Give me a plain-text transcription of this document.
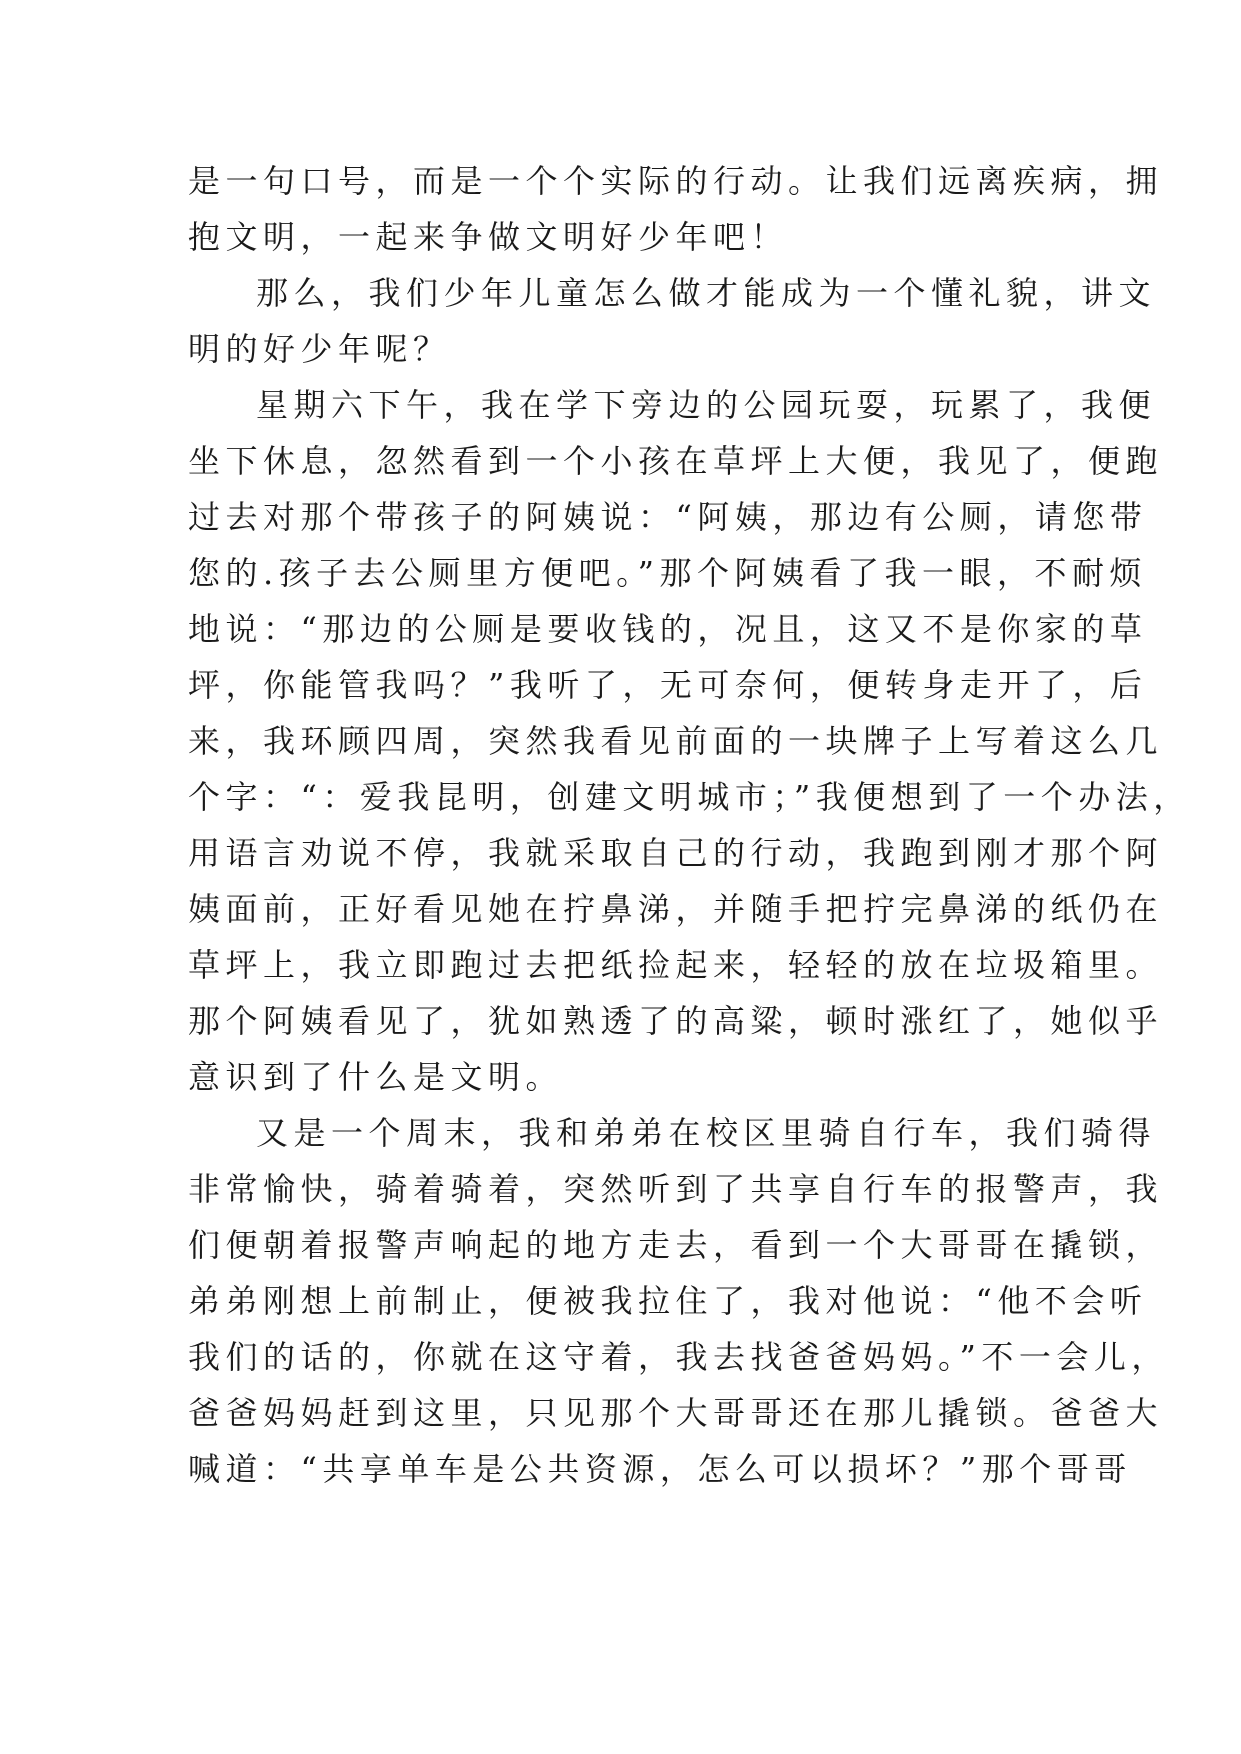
是一句口号，而是一个个实际的行动。让我们远离疾病，拥
抱文明，一起来争做文明好少年吧！
那么，我们少年儿童怎么做才能成为一个懂礼貌，讲文
明的好少年呢？
星期六下午，我在学下旁边的公园玩耍，玩累了，我便
坐下休息，忽然看到一个小孩在草坪上大便，我见了，便跑
过去对那个带孩子的阿姨说：“阿姨，那边有公厕，请您带
您的.孩子去公厕里方便吧。”那个阿姨看了我一眼，不耐烦
地说：“那边的公厕是要收钱的，况且，这又不是你家的草
坪，你能管我吗？”我听了，无可奈何，便转身走开了，后
来，我环顾四周，突然我看见前面的一块牌子上写着这么几
个字：“：爱我昆明，创建文明城市；”我便想到了一个办法，
用语言劝说不停，我就采取自己的行动，我跑到刚才那个阿
姨面前，正好看见她在拧鼻涕，并随手把拧完鼻涕的纸仍在
草坪上，我立即跑过去把纸捡起来，轻轻的放在垃圾箱里。
那个阿姨看见了，犹如熟透了的高粱，顿时涨红了，她似乎
意识到了什么是文明。
又是一个周末，我和弟弟在校区里骑自行车，我们骑得
非常愉快，骑着骑着，突然听到了共享自行车的报警声，我
们便朝着报警声响起的地方走去，看到一个大哥哥在撬锁，
弟弟刚想上前制止，便被我拉住了，我对他说：“他不会听
我们的话的，你就在这守着，我去找爸爸妈妈。”不一会儿，
爸爸妈妈赶到这里，只见那个大哥哥还在那儿撬锁。爸爸大
喊道：“共享单车是公共资源，怎么可以损坏？”那个哥哥
